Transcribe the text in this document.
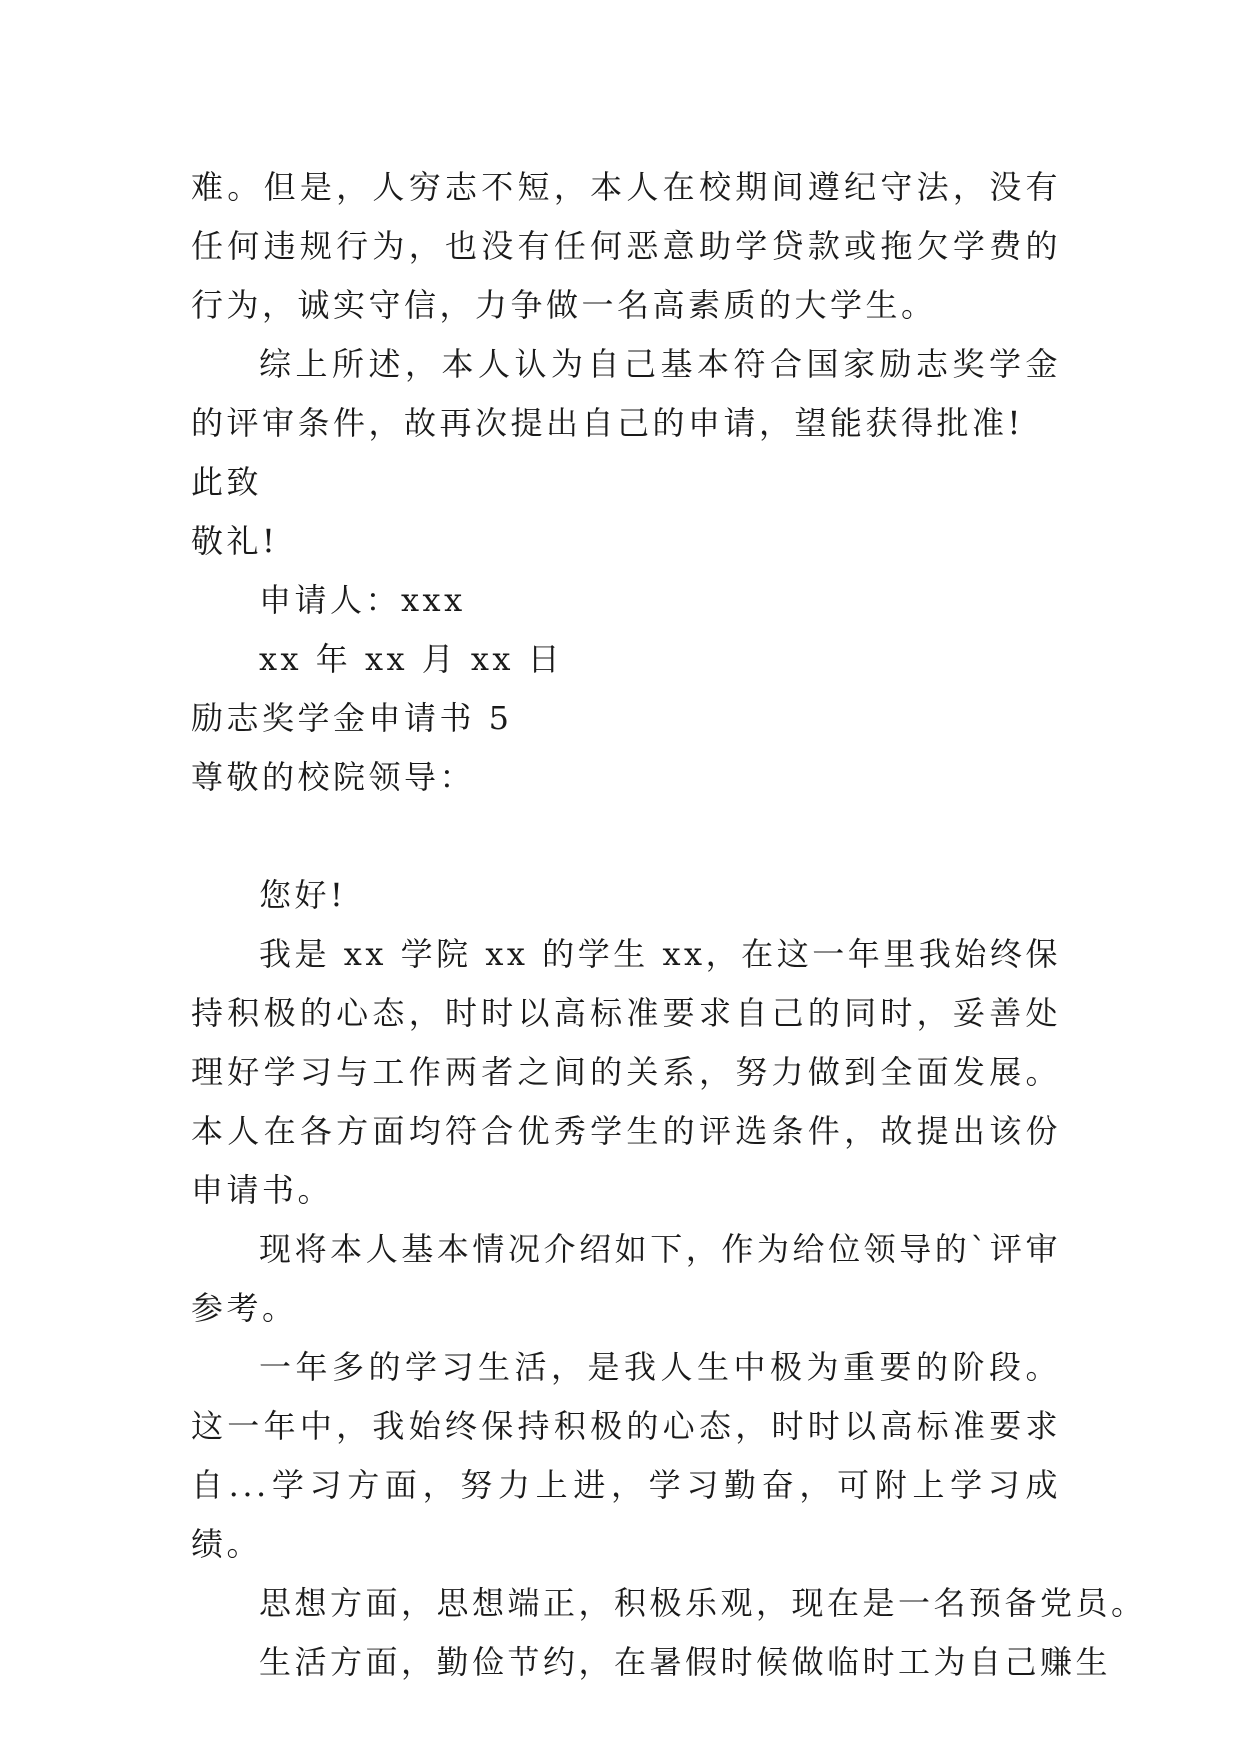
难。但是，人穷志不短，本人在校期间遵纪守法，没有任何违规行为，也没有任何恶意助学贷款或拖欠学费的行为，诚实守信，力争做一名高素质的大学生。

综上所述，本人认为自己基本符合国家励志奖学金的评审条件，故再次提出自己的申请，望能获得批准!

此致

敬礼!

申请人：xxx

xx 年 xx 月 xx 日

励志奖学金申请书 5

尊敬的校院领导：

您好!

我是 xx 学院 xx 的学生 xx，在这一年里我始终保持积极的心态，时时以高标准要求自己的同时，妥善处理好学习与工作两者之间的关系，努力做到全面发展。本人在各方面均符合优秀学生的评选条件，故提出该份申请书。

现将本人基本情况介绍如下，作为给位领导的`评审参考。

一年多的学习生活，是我人生中极为重要的阶段。这一年中，我始终保持积极的心态，时时以高标准要求自...学习方面，努力上进，学习勤奋，可附上学习成绩。

思想方面，思想端正，积极乐观，现在是一名预备党员。

生活方面，勤俭节约，在暑假时候做临时工为自己赚生
